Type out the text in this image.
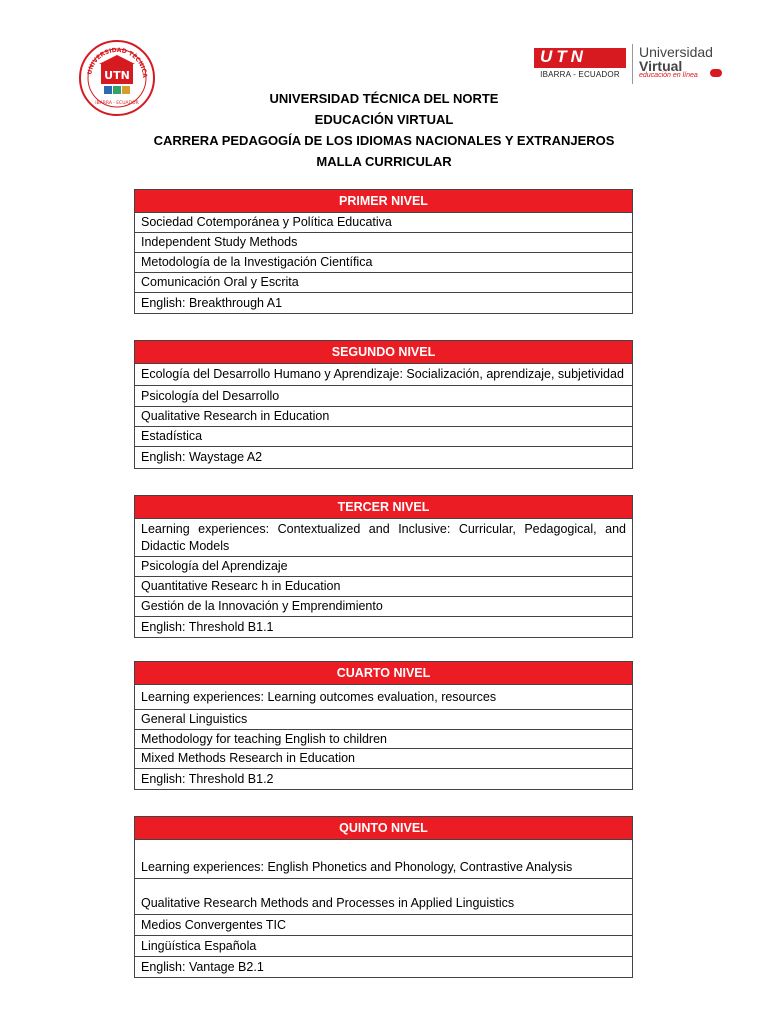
UNIVERSIDAD TÉCNICA
UTN
IBARRA · ECUADOR
UTN
IBARRA - ECUADOR
Universidad
Virtual
educación en línea
UNIVERSIDAD TÉCNICA DEL NORTE
EDUCACIÓN VIRTUAL
CARRERA PEDAGOGÍA DE LOS IDIOMAS NACIONALES Y EXTRANJEROS
MALLA CURRICULAR
PRIMER NIVEL
Sociedad Cotemporánea y Política Educativa
Independent Study Methods
Metodología de la Investigación Científica
Comunicación Oral y Escrita
English: Breakthrough A1
SEGUNDO NIVEL
Ecología del Desarrollo Humano y Aprendizaje: Socialización, aprendizaje, subjetividad
Psicología del Desarrollo
Qualitative Research in Education
Estadística
English: Waystage A2
TERCER NIVEL
Learning experiences: Contextualized and Inclusive: Curricular, Pedagogical, and Didactic Models
Psicología del Aprendizaje
Quantitative Researc h in Education
Gestión de la Innovación y Emprendimiento
English: Threshold B1.1
CUARTO NIVEL
Learning experiences: Learning outcomes evaluation, resources
General Linguistics
Methodology for teaching English to children
Mixed Methods Research in Education
English: Threshold B1.2
QUINTO NIVEL
Learning experiences: English Phonetics and Phonology, Contrastive Analysis
Qualitative Research Methods and Processes in Applied Linguistics
Medios Convergentes TIC
Lingüística Española
English: Vantage B2.1
